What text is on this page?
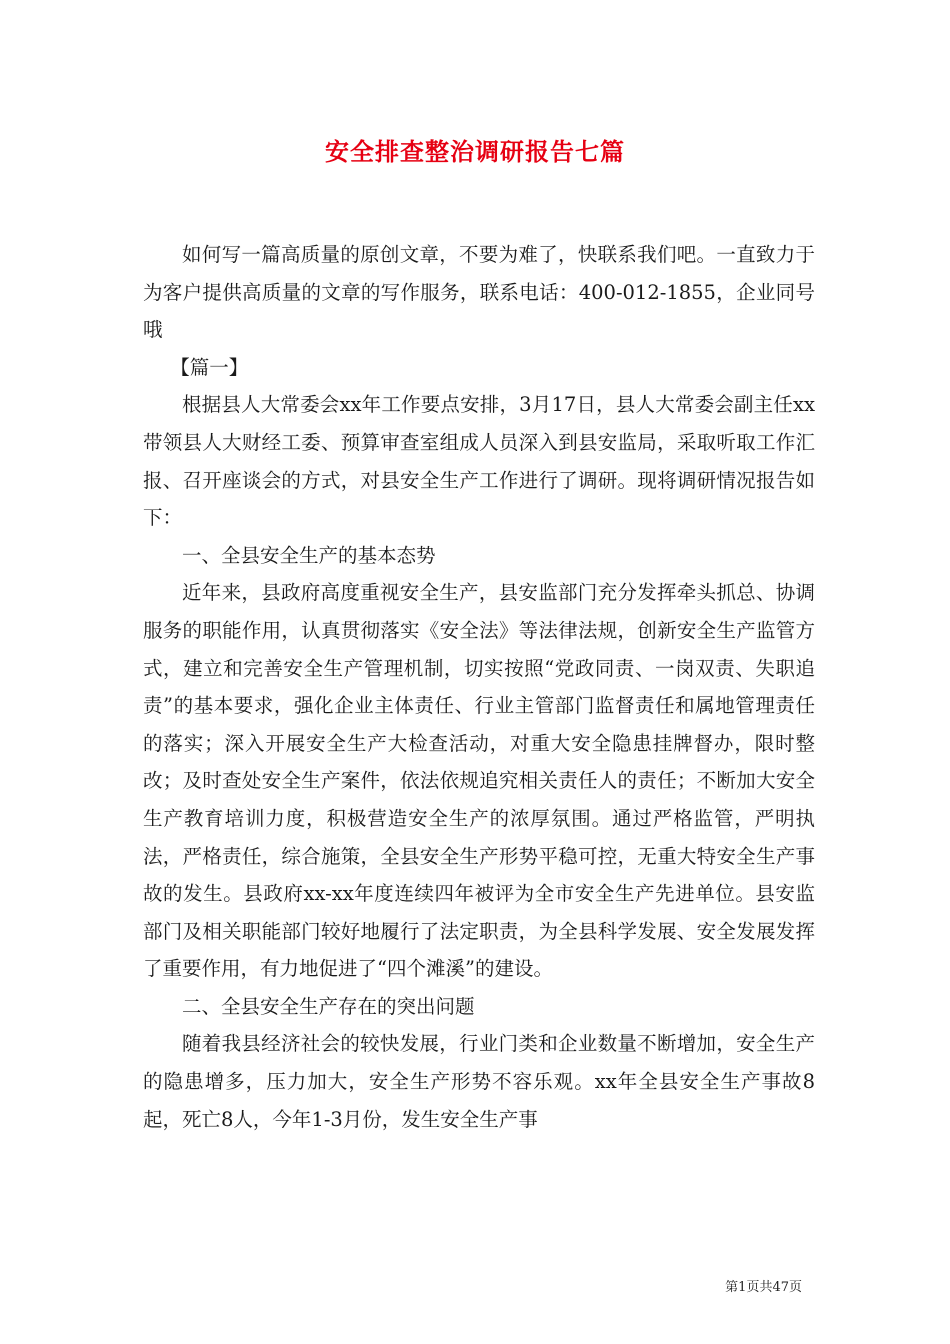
安全排查整治调研报告七篇

如何写一篇高质量的原创文章，不要为难了，快联系我们吧。一直致力于为客户提供高质量的文章的写作服务，联系电话：400-012-1855，企业同号哦

【篇一】

根据县人大常委会xx年工作要点安排，3月17日，县人大常委会副主任xx带领县人大财经工委、预算审查室组成人员深入到县安监局，采取听取工作汇报、召开座谈会的方式，对县安全生产工作进行了调研。现将调研情况报告如下：

一、全县安全生产的基本态势

近年来，县政府高度重视安全生产，县安监部门充分发挥牵头抓总、协调服务的职能作用，认真贯彻落实《安全法》等法律法规，创新安全生产监管方式，建立和完善安全生产管理机制，切实按照“党政同责、一岗双责、失职追责”的基本要求，强化企业主体责任、行业主管部门监督责任和属地管理责任的落实；深入开展安全生产大检查活动，对重大安全隐患挂牌督办，限时整改；及时查处安全生产案件，依法依规追究相关责任人的责任；不断加大安全生产教育培训力度，积极营造安全生产的浓厚氛围。通过严格监管，严明执法，严格责任，综合施策，全县安全生产形势平稳可控，无重大特安全生产事故的发生。县政府xx-xx年度连续四年被评为全市安全生产先进单位。县安监部门及相关职能部门较好地履行了法定职责，为全县科学发展、安全发展发挥了重要作用，有力地促进了“四个滩溪”的建设。

二、全县安全生产存在的突出问题

随着我县经济社会的较快发展，行业门类和企业数量不断增加，安全生产的隐患增多，压力加大，安全生产形势不容乐观。xx年全县安全生产事故8起，死亡8人，今年1-3月份，发生安全生产事

第1页共47页
